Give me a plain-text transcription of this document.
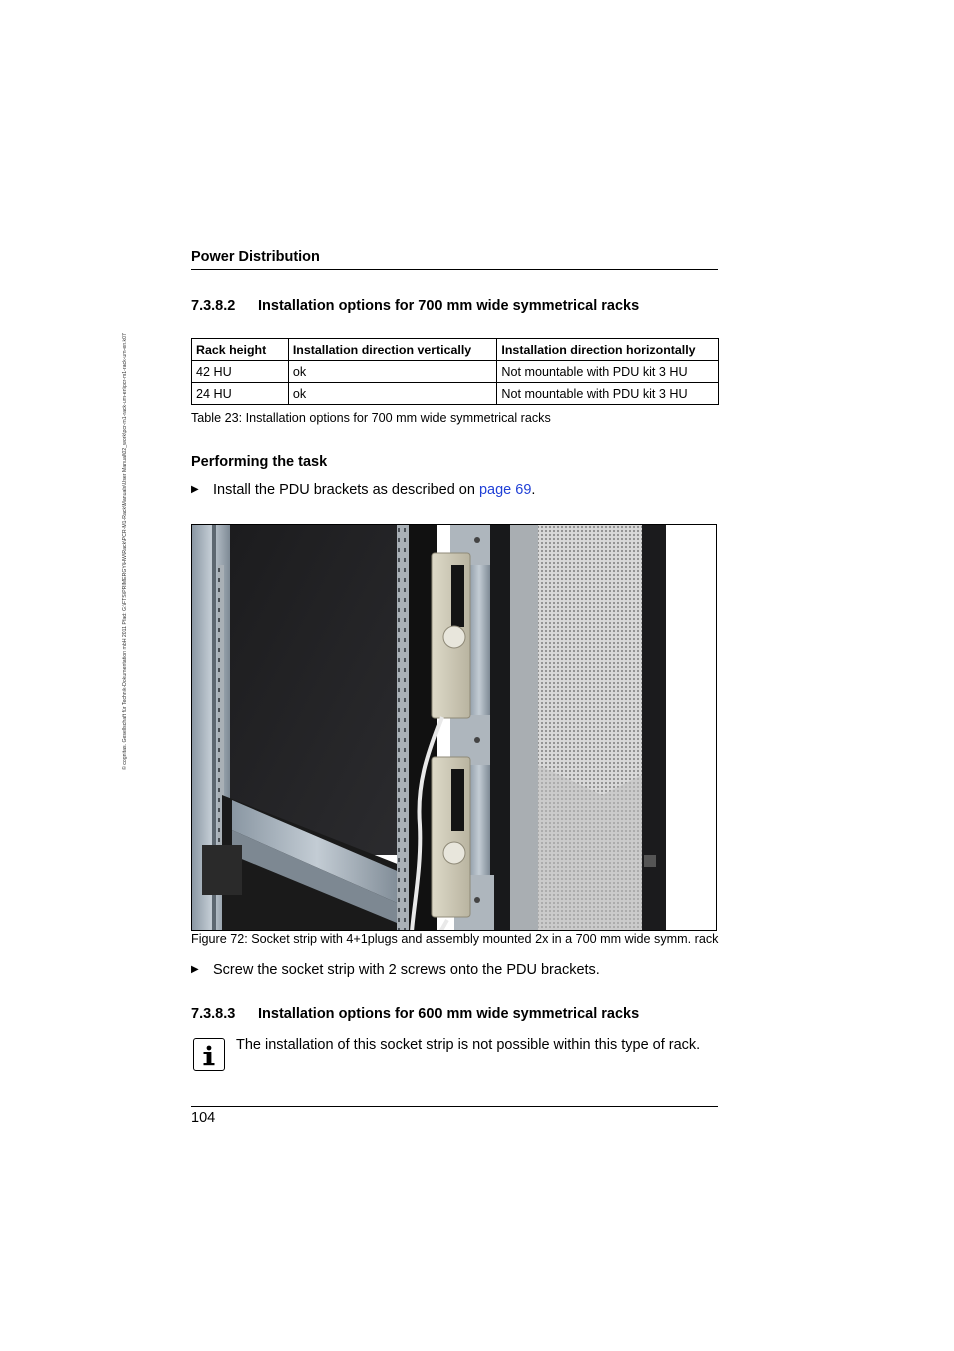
© cognitas. Gesellschaft für Technik-Dokumentation mbH 2011 Pfad: G:\FTS\PRIMERGY\HW\Rack\PCR-M1-Rack\Manuals\User Manual\02_work\pcr-m1-rack-um-en\pcr-m1-rack-um-en.k07
Power Distribution
7.3.8.2 Installation options for 700 mm wide symmetrical racks
Rack height	Installation direction vertically	Installation direction horizontally
42 HU	ok	Not mountable with PDU kit 3 HU
24 HU	ok	Not mountable with PDU kit 3 HU
Table 23: Installation options for 700 mm wide symmetrical racks
Performing the task
▶ Install the PDU brackets as described on page 69.
Figure 72: Socket strip with 4+1plugs and assembly mounted 2x in a 700 mm wide symm. rack
▶ Screw the socket strip with 2 screws onto the PDU brackets.
7.3.8.3 Installation options for 600 mm wide symmetrical racks
The installation of this socket strip is not possible within this type of rack.
104
